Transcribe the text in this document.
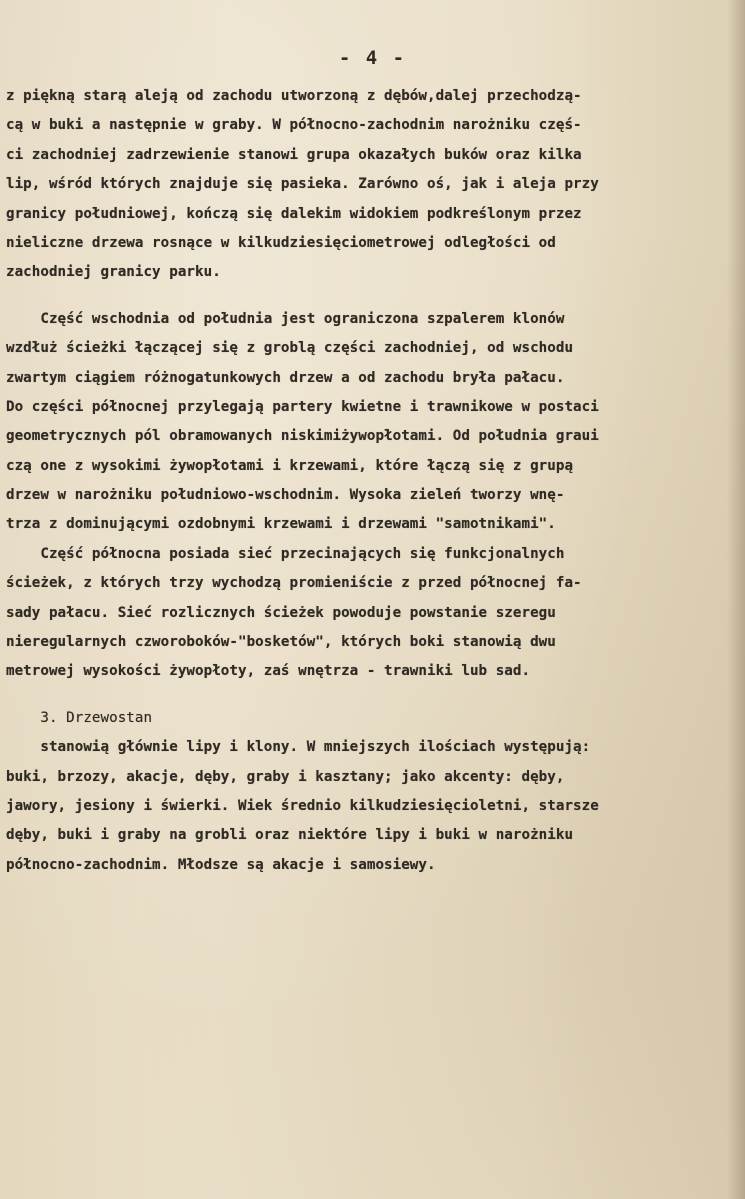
- 4 -
z piękną starą aleją od zachodu utworzoną z dębów,dalej przechodzą-
cą w buki a następnie w graby. W północno-zachodnim narożniku częś-
ci zachodniej zadrzewienie stanowi grupa okazałych buków oraz kilka
lip, wśród których znajduje się pasieka. Zarówno oś, jak i aleja przy
granicy południowej, kończą się dalekim widokiem podkreślonym przez
nieliczne drzewa rosnące w kilkudziesięciometrowej odległości od
zachodniej granicy parku.
Część wschodnia od południa jest ograniczona szpalerem klonów
wzdłuż ścieżki łączącej się z groblą części zachodniej, od wschodu
zwartym ciągiem różnogatunkowych drzew a od zachodu bryła pałacu.
Do części północnej przylegają partery kwietne i trawnikowe w postaci
geometrycznych pól obramowanych niskimiżywopłotami. Od południa graui
czą one z wysokimi żywopłotami i krzewami, które łączą się z grupą
drzew w narożniku południowo-wschodnim. Wysoka zieleń tworzy wnę-
trza z dominującymi ozdobnymi krzewami i drzewami "samotnikami".
Część północna posiada sieć przecinających się funkcjonalnych
ścieżek, z których trzy wychodzą promieniście z przed północnej fa-
sady pałacu. Sieć rozlicznych ścieżek powoduje powstanie szeregu
nieregularnych czworoboków-"bosketów", których boki stanowią dwu
metrowej wysokości żywopłoty, zaś wnętrza - trawniki lub sad.
3. Drzewostan
stanowią głównie lipy i klony. W mniejszych ilościach występują:
buki, brzozy, akacje, dęby, graby i kasztany; jako akcenty: dęby,
jawory, jesiony i świerki. Wiek średnio kilkudziesięcioletni, starsze
dęby, buki i graby na grobli oraz niektóre lipy i buki w narożniku
północno-zachodnim. Młodsze są akacje i samosiewy.
